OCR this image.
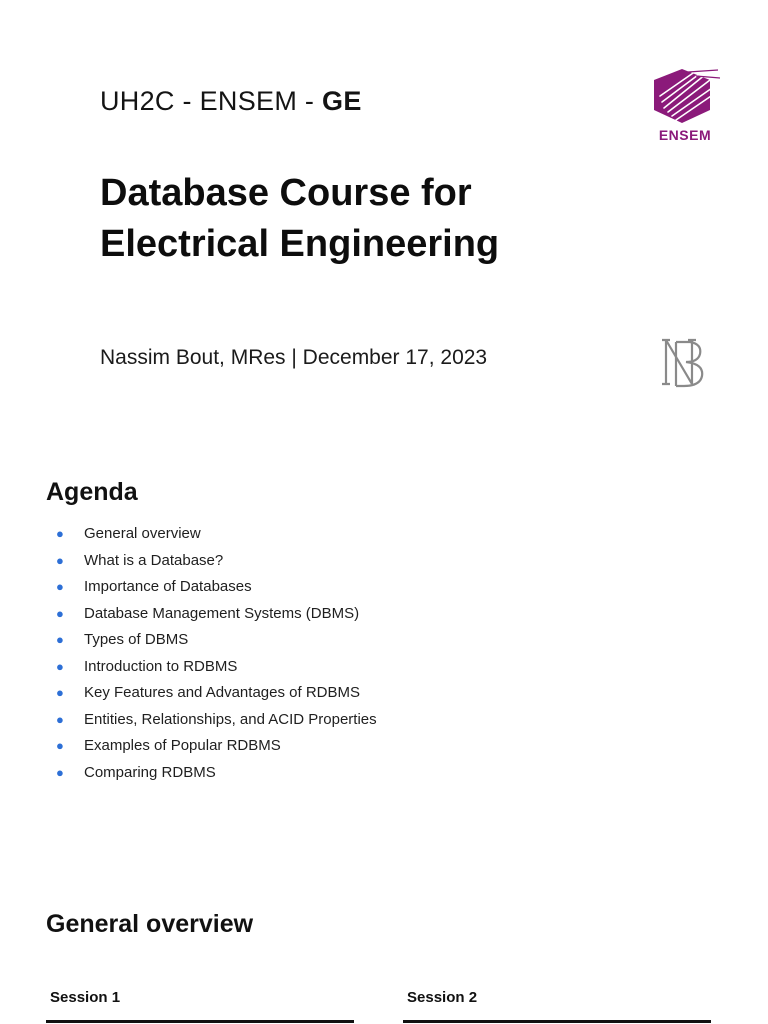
UH2C - ENSEM - GE
ENSEM
Database Course for
Electrical Engineering
Nassim Bout, MRes | December 17, 2023
Agenda
●	General overview
●	What is a Database?
●	Importance of Databases
●	Database Management Systems (DBMS)
●	Types of DBMS
●	Introduction to RDBMS
●	Key Features and Advantages of RDBMS
●	Entities, Relationships, and ACID Properties
●	Examples of Popular RDBMS
●	Comparing RDBMS
General overview
Session 1	Session 2
